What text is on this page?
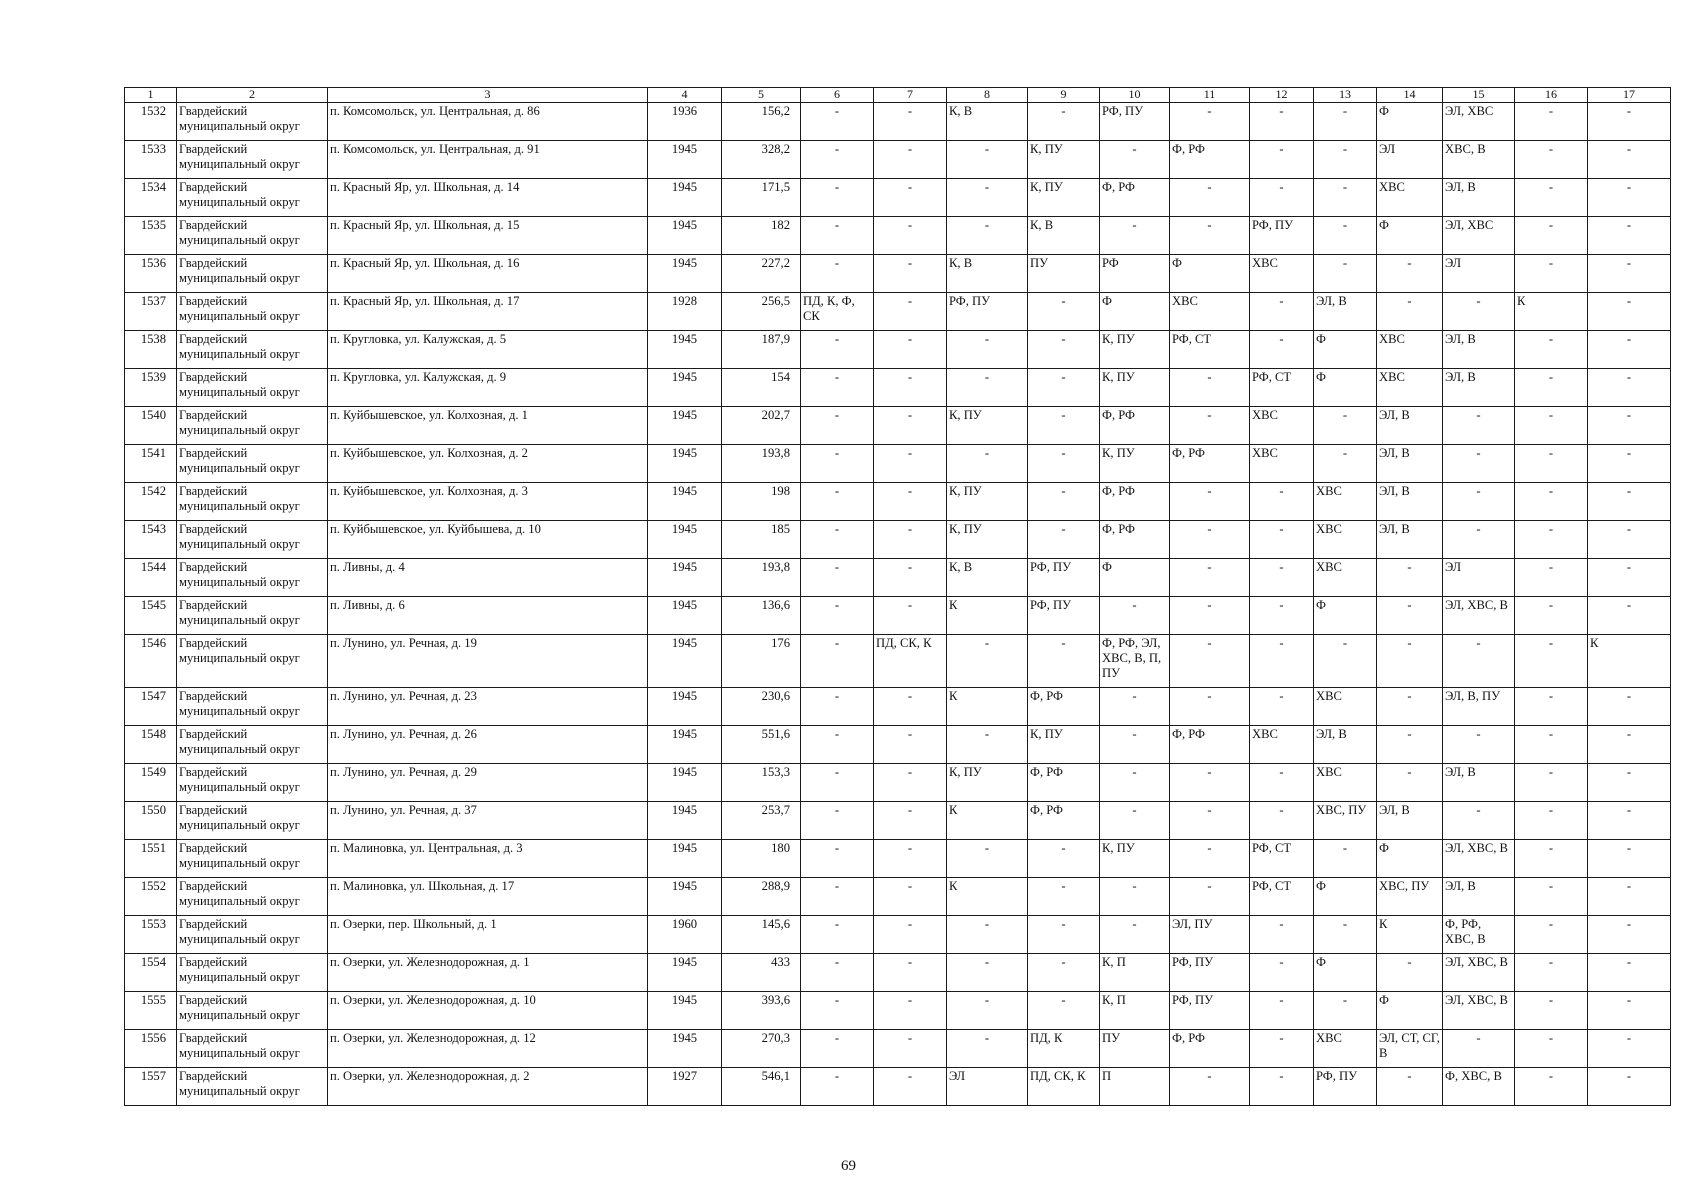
1	2	3	4	5	6	7	8	9	10	11	12	13	14	15	16	17
1532	Гвардейский муниципальный округ	п. Комсомольск, ул. Центральная, д. 86	1936	156,2	-	-	К, В	-	РФ, ПУ	-	-	-	Ф	ЭЛ, ХВС	-	-
1533	Гвардейский муниципальный округ	п. Комсомольск, ул. Центральная, д. 91	1945	328,2	-	-	-	К, ПУ	-	Ф, РФ	-	-	ЭЛ	ХВС, В	-	-
1534	Гвардейский муниципальный округ	п. Красный Яр, ул. Школьная, д. 14	1945	171,5	-	-	-	К, ПУ	Ф, РФ	-	-	-	ХВС	ЭЛ, В	-	-
1535	Гвардейский муниципальный округ	п. Красный Яр, ул. Школьная, д. 15	1945	182	-	-	-	К, В	-	-	РФ, ПУ	-	Ф	ЭЛ, ХВС	-	-
1536	Гвардейский муниципальный округ	п. Красный Яр, ул. Школьная, д. 16	1945	227,2	-	-	К, В	ПУ	РФ	Ф	ХВС	-	-	ЭЛ	-	-
1537	Гвардейский муниципальный округ	п. Красный Яр, ул. Школьная, д. 17	1928	256,5	ПД, К, Ф, СК	-	РФ, ПУ	-	Ф	ХВС	-	ЭЛ, В	-	-	К	-
1538	Гвардейский муниципальный округ	п. Кругловка, ул. Калужская, д. 5	1945	187,9	-	-	-	-	К, ПУ	РФ, СТ	-	Ф	ХВС	ЭЛ, В	-	-
1539	Гвардейский муниципальный округ	п. Кругловка, ул. Калужская, д. 9	1945	154	-	-	-	-	К, ПУ	-	РФ, СТ	Ф	ХВС	ЭЛ, В	-	-
1540	Гвардейский муниципальный округ	п. Куйбышевское, ул. Колхозная, д. 1	1945	202,7	-	-	К, ПУ	-	Ф, РФ	-	ХВС	-	ЭЛ, В	-	-	-
1541	Гвардейский муниципальный округ	п. Куйбышевское, ул. Колхозная, д. 2	1945	193,8	-	-	-	-	К, ПУ	Ф, РФ	ХВС	-	ЭЛ, В	-	-	-
1542	Гвардейский муниципальный округ	п. Куйбышевское, ул. Колхозная, д. 3	1945	198	-	-	К, ПУ	-	Ф, РФ	-	-	ХВС	ЭЛ, В	-	-	-
1543	Гвардейский муниципальный округ	п. Куйбышевское, ул. Куйбышева, д. 10	1945	185	-	-	К, ПУ	-	Ф, РФ	-	-	ХВС	ЭЛ, В	-	-	-
1544	Гвардейский муниципальный округ	п. Ливны, д. 4	1945	193,8	-	-	К, В	РФ, ПУ	Ф	-	-	ХВС	-	ЭЛ	-	-
1545	Гвардейский муниципальный округ	п. Ливны, д. 6	1945	136,6	-	-	К	РФ, ПУ	-	-	-	Ф	-	ЭЛ, ХВС, В	-	-
1546	Гвардейский муниципальный округ	п. Лунино, ул. Речная, д. 19	1945	176	-	ПД, СК, К	-	-	Ф, РФ, ЭЛ, ХВС, В, П, ПУ	-	-	-	-	-	-	К
1547	Гвардейский муниципальный округ	п. Лунино, ул. Речная, д. 23	1945	230,6	-	-	К	Ф, РФ	-	-	-	ХВС	-	ЭЛ, В, ПУ	-	-
1548	Гвардейский муниципальный округ	п. Лунино, ул. Речная, д. 26	1945	551,6	-	-	-	К, ПУ	-	Ф, РФ	ХВС	ЭЛ, В	-	-	-	-
1549	Гвардейский муниципальный округ	п. Лунино, ул. Речная, д. 29	1945	153,3	-	-	К, ПУ	Ф, РФ	-	-	-	ХВС	-	ЭЛ, В	-	-
1550	Гвардейский муниципальный округ	п. Лунино, ул. Речная, д. 37	1945	253,7	-	-	К	Ф, РФ	-	-	-	ХВС, ПУ	ЭЛ, В	-	-	-
1551	Гвардейский муниципальный округ	п. Малиновка, ул. Центральная, д. 3	1945	180	-	-	-	-	К, ПУ	-	РФ, СТ	-	Ф	ЭЛ, ХВС, В	-	-
1552	Гвардейский муниципальный округ	п. Малиновка, ул. Школьная, д. 17	1945	288,9	-	-	К	-	-	-	РФ, СТ	Ф	ХВС, ПУ	ЭЛ, В	-	-
1553	Гвардейский муниципальный округ	п. Озерки, пер. Школьный, д. 1	1960	145,6	-	-	-	-	-	ЭЛ, ПУ	-	-	К	Ф, РФ, ХВС, В	-	-
1554	Гвардейский муниципальный округ	п. Озерки, ул. Железнодорожная, д. 1	1945	433	-	-	-	-	К, П	РФ, ПУ	-	Ф	-	ЭЛ, ХВС, В	-	-
1555	Гвардейский муниципальный округ	п. Озерки, ул. Железнодорожная, д. 10	1945	393,6	-	-	-	-	К, П	РФ, ПУ	-	-	Ф	ЭЛ, ХВС, В	-	-
1556	Гвардейский муниципальный округ	п. Озерки, ул. Железнодорожная, д. 12	1945	270,3	-	-	-	ПД, К	ПУ	Ф, РФ	-	ХВС	ЭЛ, СТ, СГ, В	-	-	-
1557	Гвардейский муниципальный округ	п. Озерки, ул. Железнодорожная, д. 2	1927	546,1	-	-	ЭЛ	ПД, СК, К	П	-	-	РФ, ПУ	-	Ф, ХВС, В	-	-
69
